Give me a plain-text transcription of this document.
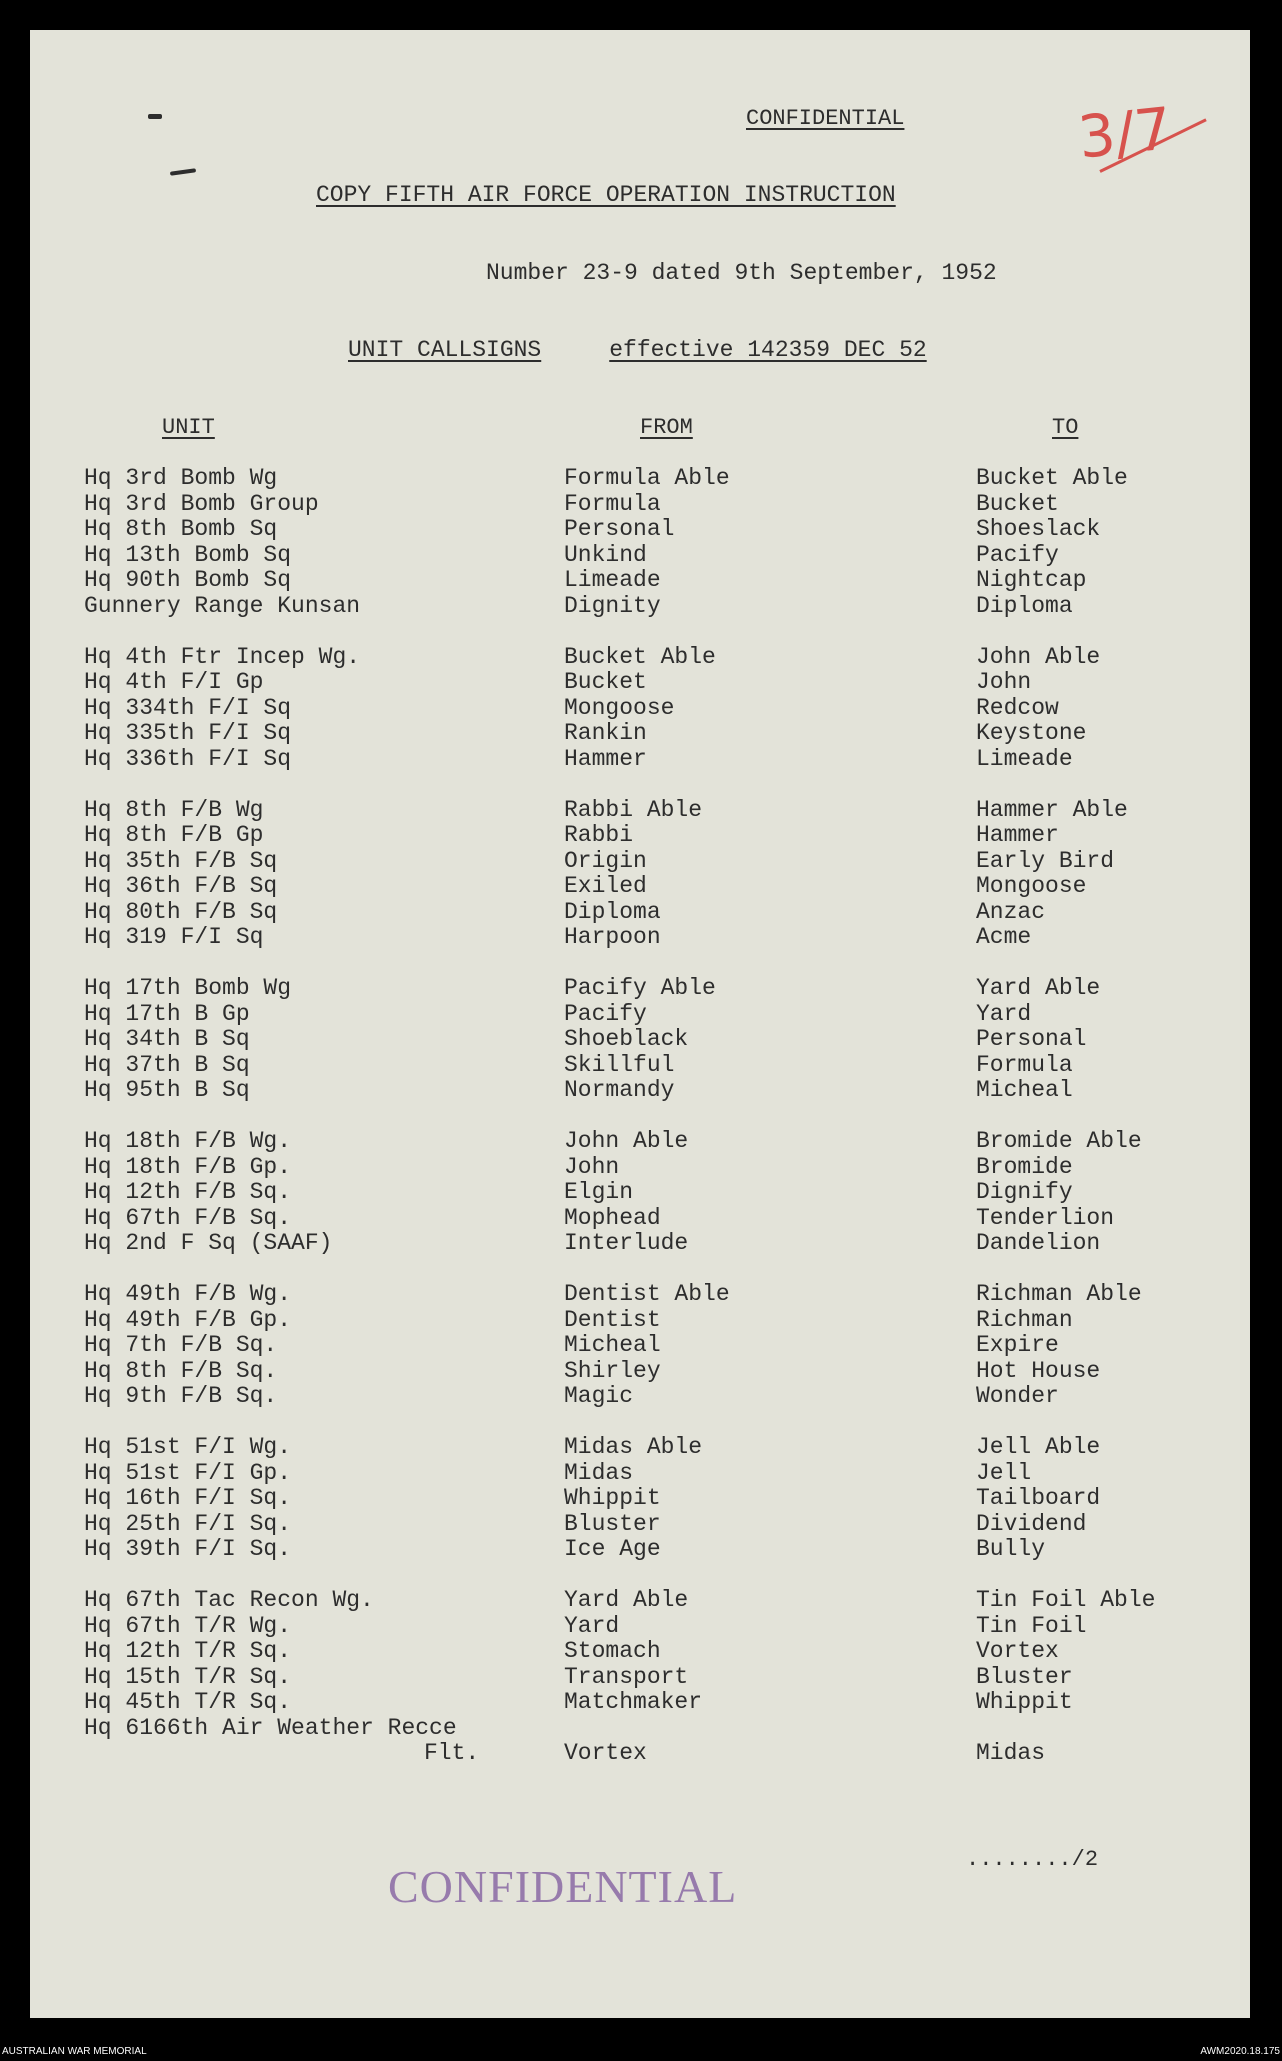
CONFIDENTIAL	3/7
COPY FIFTH AIR FORCE OPERATION INSTRUCTION
Number 23-9 dated 9th September, 1952
UNIT CALLSIGNS	effective 142359 DEC 52
UNIT	FROM	TO
Hq 3rd Bomb Wg	Formula Able	Bucket Able
Hq 3rd Bomb Group	Formula	Bucket
Hq 8th Bomb Sq	Personal	Shoeslack
Hq 13th Bomb Sq	Unkind	Pacify
Hq 90th Bomb Sq	Limeade	Nightcap
Gunnery Range Kunsan	Dignity	Diploma
Hq 4th Ftr Incep Wg.	Bucket Able	John Able
Hq 4th F/I Gp	Bucket	John
Hq 334th F/I Sq	Mongoose	Redcow
Hq 335th F/I Sq	Rankin	Keystone
Hq 336th F/I Sq	Hammer	Limeade
Hq 8th F/B Wg	Rabbi Able	Hammer Able
Hq 8th F/B Gp	Rabbi	Hammer
Hq 35th F/B Sq	Origin	Early Bird
Hq 36th F/B Sq	Exiled	Mongoose
Hq 80th F/B Sq	Diploma	Anzac
Hq 319 F/I Sq	Harpoon	Acme
Hq 17th Bomb Wg	Pacify Able	Yard Able
Hq 17th B Gp	Pacify	Yard
Hq 34th B Sq	Shoeblack	Personal
Hq 37th B Sq	Skillful	Formula
Hq 95th B Sq	Normandy	Micheal
Hq 18th F/B Wg.	John Able	Bromide Able
Hq 18th F/B Gp.	John	Bromide
Hq 12th F/B Sq.	Elgin	Dignify
Hq 67th F/B Sq.	Mophead	Tenderlion
Hq 2nd F Sq (SAAF)	Interlude	Dandelion
Hq 49th F/B Wg.	Dentist Able	Richman Able
Hq 49th F/B Gp.	Dentist	Richman
Hq 7th F/B Sq.	Micheal	Expire
Hq 8th F/B Sq.	Shirley	Hot House
Hq 9th F/B Sq.	Magic	Wonder
Hq 51st F/I Wg.	Midas Able	Jell Able
Hq 51st F/I Gp.	Midas	Jell
Hq 16th F/I Sq.	Whippit	Tailboard
Hq 25th F/I Sq.	Bluster	Dividend
Hq 39th F/I Sq.	Ice Age	Bully
Hq 67th Tac Recon Wg.	Yard Able	Tin Foil Able
Hq 67th T/R Wg.	Yard	Tin Foil
Hq 12th T/R Sq.	Stomach	Vortex
Hq 15th T/R Sq.	Transport	Bluster
Hq 45th T/R Sq.	Matchmaker	Whippit
Hq 6166th Air Weather Recce
Flt.	Vortex	Midas
......../2
CONFIDENTIAL
AUSTRALIAN WAR MEMORIAL	AWM2020.18.175
